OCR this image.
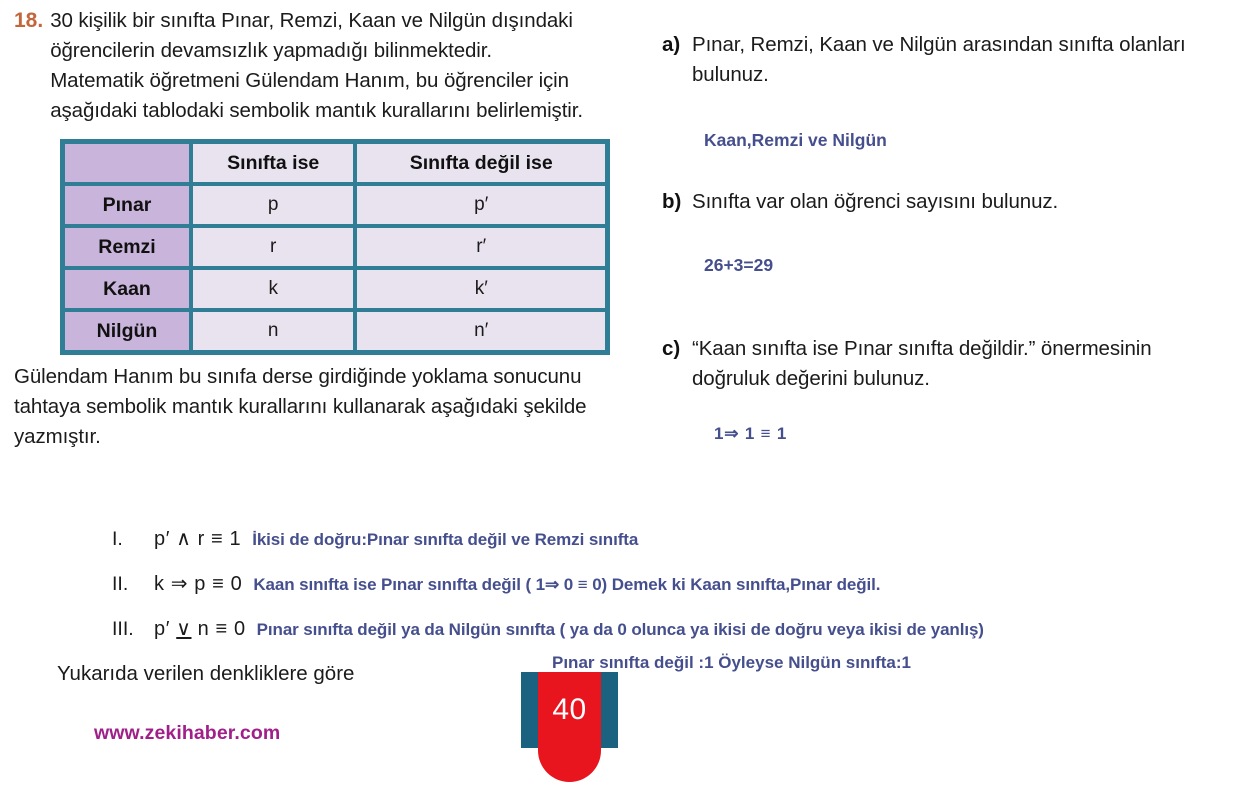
18. 30 kişilik bir sınıfta Pınar, Remzi, Kaan ve Nilgün dışındaki öğrencilerin devamsızlık yapmadığı bilinmektedir.

Matematik öğretmeni Gülendam Hanım, bu öğrenciler için aşağıdaki tablodaki sembolik mantık kurallarını belirlemiştir.

	Sınıfta ise	Sınıfta değil ise
Pınar	p	p′
Remzi	r	r′
Kaan	k	k′
Nilgün	n	n′
Gülendam Hanım bu sınıfa derse girdiğinde yoklama sonucunu tahtaya sembolik mantık kurallarını kullanarak aşağıdaki şekilde yazmıştır.
I.	p′ ∧ r ≡ 1 İkisi de doğru:Pınar sınıfta değil ve Remzi sınıfta
II.	k ⇒ p ≡ 0 Kaan sınıfta ise Pınar sınıfta değil ( 1⇒ 0 ≡ 0) Demek ki Kaan sınıfta,Pınar değil.
III.	p′ ∨ n ≡ 0 Pınar sınıfta değil ya da Nilgün sınıfta ( ya da 0 olunca ya ikisi de doğru veya ikisi de yanlış)
Pınar sınıfta değil :1 Öyleyse Nilgün sınıfta:1
Yukarıda verilen denkliklere göre
www.zekihaber.com
40
a) Pınar, Remzi, Kaan ve Nilgün arasından sınıfta olanları bulunuz.
Kaan,Remzi ve Nilgün
b) Sınıfta var olan öğrenci sayısını bulunuz.
26+3=29
c) “Kaan sınıfta ise Pınar sınıfta değildir.” önermesinin doğruluk değerini bulunuz.
1⇒ 1 ≡ 1
